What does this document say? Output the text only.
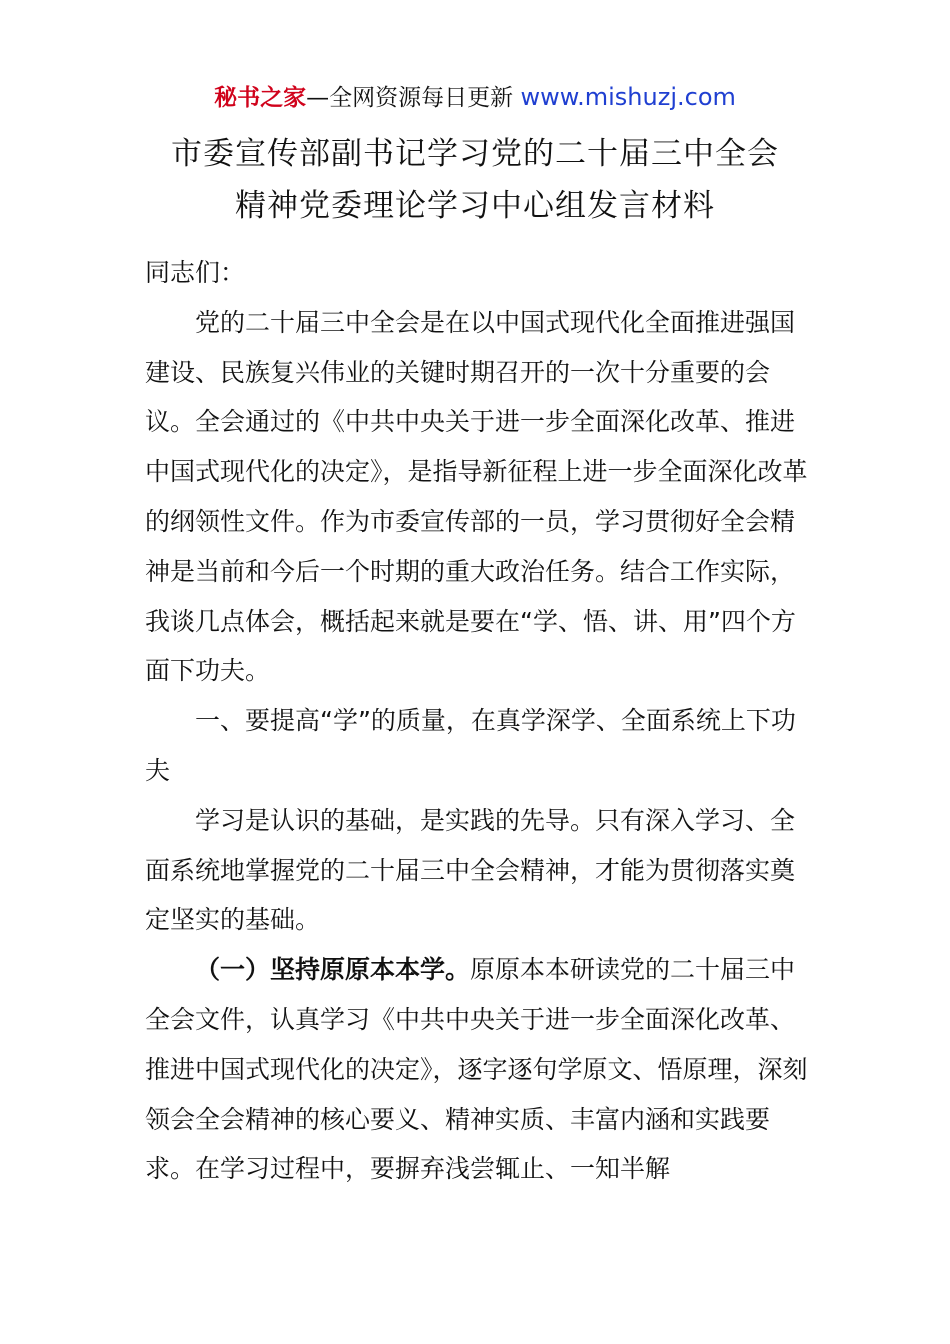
秘书之家—全网资源每日更新 www.mishuzj.com
市委宣传部副书记学习党的二十届三中全会
精神党委理论学习中心组发言材料

同志们：

党的二十届三中全会是在以中国式现代化全面推进强国建设、民族复兴伟业的关键时期召开的一次十分重要的会议。全会通过的《中共中央关于进一步全面深化改革、推进中国式现代化的决定》，是指导新征程上进一步全面深化改革的纲领性文件。作为市委宣传部的一员，学习贯彻好全会精神是当前和今后一个时期的重大政治任务。结合工作实际，我谈几点体会，概括起来就是要在“学、悟、讲、用”四个方面下功夫。

一、要提高“学”的质量，在真学深学、全面系统上下功夫

学习是认识的基础，是实践的先导。只有深入学习、全面系统地掌握党的二十届三中全会精神，才能为贯彻落实奠定坚实的基础。

（一）坚持原原本本学。原原本本研读党的二十届三中全会文件，认真学习《中共中央关于进一步全面深化改革、推进中国式现代化的决定》，逐字逐句学原文、悟原理，深刻领会全会精神的核心要义、精神实质、丰富内涵和实践要求。在学习过程中，要摒弃浅尝辄止、一知半解
